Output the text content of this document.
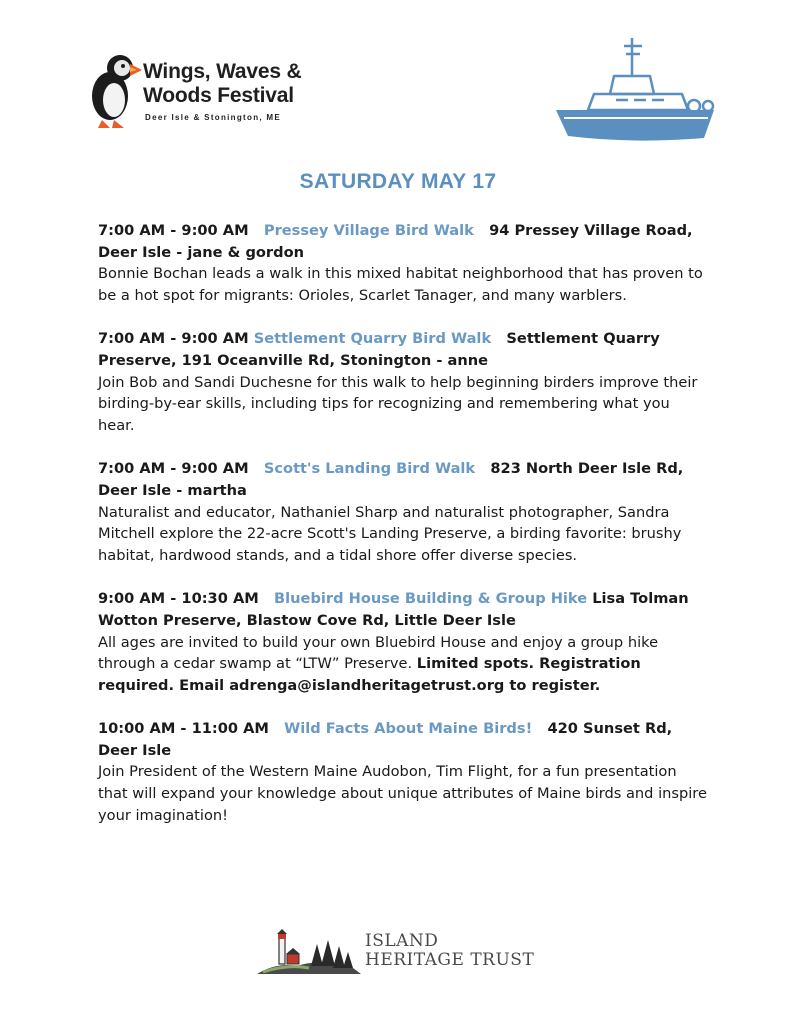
Wings, Waves &
Woods Festival
Deer Isle & Stonington, ME
SATURDAY MAY 17

7:00 AM - 9:00 AM Pressey Village Bird Walk 94 Pressey Village Road, Deer Isle - jane & gordon

Bonnie Bochan leads a walk in this mixed habitat neighborhood that has proven to be a hot spot for migrants: Orioles, Scarlet Tanager, and many warblers.

7:00 AM - 9:00 AM Settlement Quarry Bird Walk Settlement Quarry Preserve, 191 Oceanville Rd, Stonington - anne

Join Bob and Sandi Duchesne for this walk to help beginning birders improve their birding-by-ear skills, including tips for recognizing and remembering what you hear.

7:00 AM - 9:00 AM Scott's Landing Bird Walk 823 North Deer Isle Rd, Deer Isle - martha

Naturalist and educator, Nathaniel Sharp and naturalist photographer, Sandra Mitchell explore the 22-acre Scott's Landing Preserve, a birding favorite: brushy habitat, hardwood stands, and a tidal shore offer diverse species.

9:00 AM - 10:30 AM Bluebird House Building & Group Hike Lisa Tolman Wotton Preserve, Blastow Cove Rd, Little Deer Isle

All ages are invited to build your own Bluebird House and enjoy a group hike through a cedar swamp at “LTW” Preserve. Limited spots. Registration required. Email adrenga@islandheritagetrust.org to register.

10:00 AM - 11:00 AM Wild Facts About Maine Birds! 420 Sunset Rd, Deer Isle

Join President of the Western Maine Audobon, Tim Flight, for a fun presentation that will expand your knowledge about unique attributes of Maine birds and inspire your imagination!

ISLAND
HERITAGE TRUST
